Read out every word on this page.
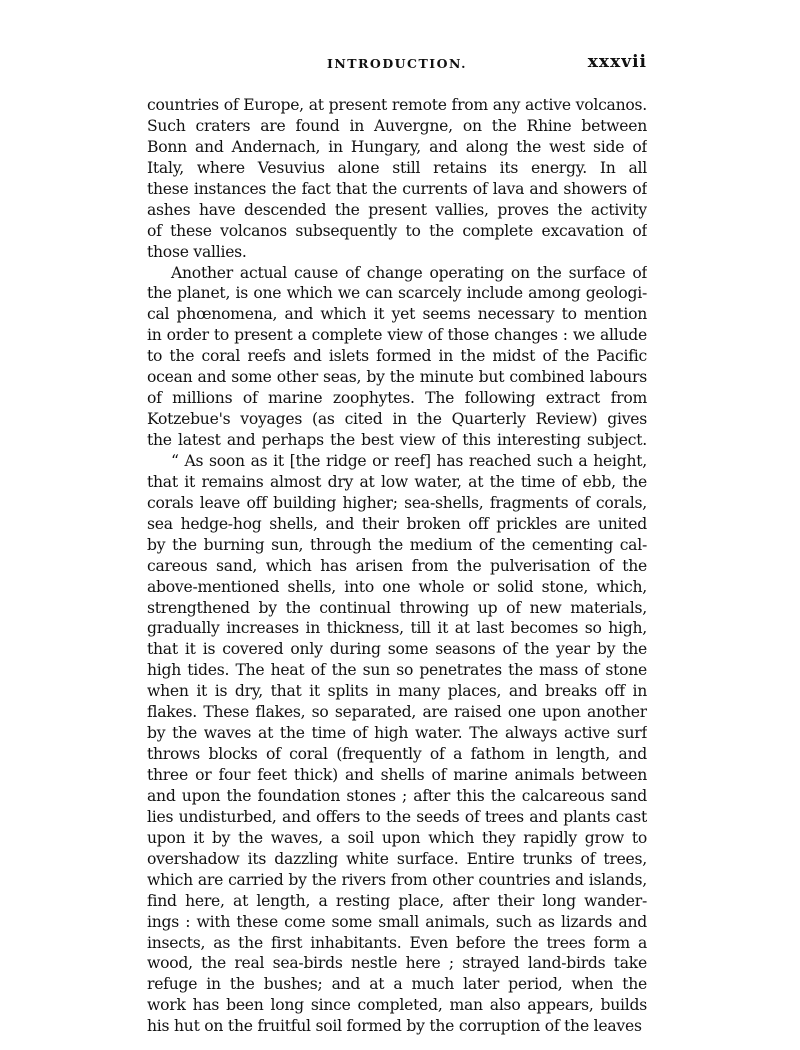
INTRODUCTION.	xxxvii
countries of Europe, at present remote from any active volcanos.
Such craters are found in Auvergne, on the Rhine between
Bonn and Andernach, in Hungary, and along the west side of
Italy, where Vesuvius alone still retains its energy. In all
these instances the fact that the currents of lava and showers of
ashes have descended the present vallies, proves the activity
of these volcanos subsequently to the complete excavation of
those vallies.
Another actual cause of change operating on the surface of
the planet, is one which we can scarcely include among geologi-
cal phœnomena, and which it yet seems necessary to mention
in order to present a complete view of those changes : we allude
to the coral reefs and islets formed in the midst of the Pacific
ocean and some other seas, by the minute but combined labours
of millions of marine zoophytes. The following extract from
Kotzebue's voyages (as cited in the Quarterly Review) gives
the latest and perhaps the best view of this interesting subject.
“ As soon as it [the ridge or reef] has reached such a height,
that it remains almost dry at low water, at the time of ebb, the
corals leave off building higher; sea-shells, fragments of corals,
sea hedge-hog shells, and their broken off prickles are united
by the burning sun, through the medium of the cementing cal-
careous sand, which has arisen from the pulverisation of the
above-mentioned shells, into one whole or solid stone, which,
strengthened by the continual throwing up of new materials,
gradually increases in thickness, till it at last becomes so high,
that it is covered only during some seasons of the year by the
high tides. The heat of the sun so penetrates the mass of stone
when it is dry, that it splits in many places, and breaks off in
flakes. These flakes, so separated, are raised one upon another
by the waves at the time of high water. The always active surf
throws blocks of coral (frequently of a fathom in length, and
three or four feet thick) and shells of marine animals between
and upon the foundation stones ; after this the calcareous sand
lies undisturbed, and offers to the seeds of trees and plants cast
upon it by the waves, a soil upon which they rapidly grow to
overshadow its dazzling white surface. Entire trunks of trees,
which are carried by the rivers from other countries and islands,
find here, at length, a resting place, after their long wander-
ings : with these come some small animals, such as lizards and
insects, as the first inhabitants. Even before the trees form a
wood, the real sea-birds nestle here ; strayed land-birds take
refuge in the bushes; and at a much later period, when the
work has been long since completed, man also appears, builds
his hut on the fruitful soil formed by the corruption of the leaves
